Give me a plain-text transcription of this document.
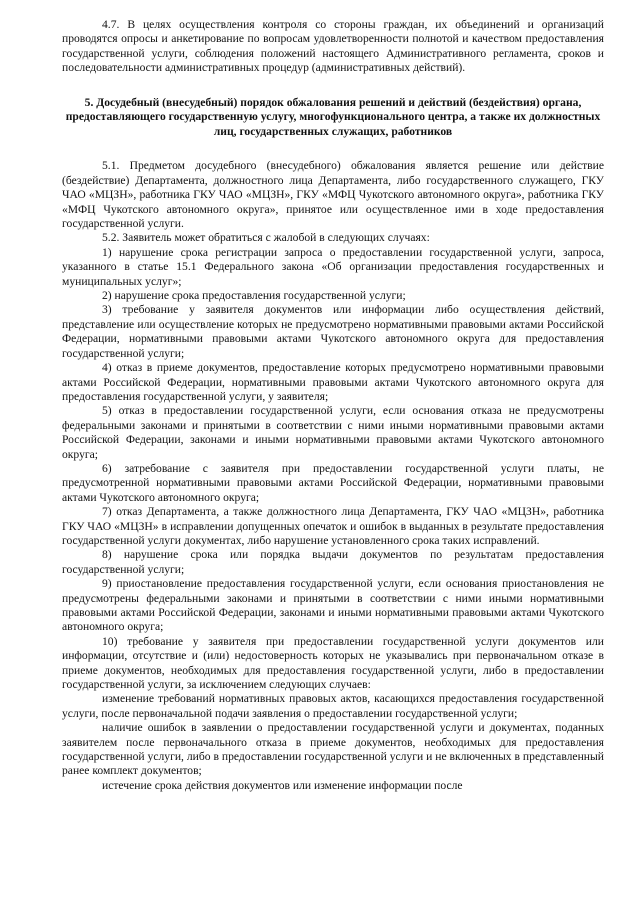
4.7. В целях осуществления контроля со стороны граждан, их объединений и организаций проводятся опросы и анкетирование по вопросам удовлетворенности полнотой и качеством предоставления государственной услуги, соблюдения положений настоящего Административного регламента, сроков и последовательности административных процедур (административных действий).

5. Досудебный (внесудебный) порядок обжалования решений и действий (бездействия) органа, предоставляющего государственную услугу, многофункционального центра, а также их должностных лиц, государственных служащих, работников

5.1. Предметом досудебного (внесудебного) обжалования является решение или действие (бездействие) Департамента, должностного лица Департамента, либо государственного служащего, ГКУ ЧАО «МЦЗН», работника ГКУ ЧАО «МЦЗН», ГКУ «МФЦ Чукотского автономного округа», работника ГКУ «МФЦ Чукотского автономного округа», принятое или осуществленное ими в ходе предоставления государственной услуги.

5.2. Заявитель может обратиться с жалобой в следующих случаях:

1) нарушение срока регистрации запроса о предоставлении государственной услуги, запроса, указанного в статье 15.1 Федерального закона «Об организации предоставления государственных и муниципальных услуг»;

2) нарушение срока предоставления государственной услуги;

3) требование у заявителя документов или информации либо осуществления действий, представление или осуществление которых не предусмотрено нормативными правовыми актами Российской Федерации, нормативными правовыми актами Чукотского автономного округа для предоставления государственной услуги;

4) отказ в приеме документов, предоставление которых предусмотрено нормативными правовыми актами Российской Федерации, нормативными правовыми актами Чукотского автономного округа для предоставления государственной услуги, у заявителя;

5) отказ в предоставлении государственной услуги, если основания отказа не предусмотрены федеральными законами и принятыми в соответствии с ними иными нормативными правовыми актами Российской Федерации, законами и иными нормативными правовыми актами Чукотского автономного округа;

6) затребование с заявителя при предоставлении государственной услуги платы, не предусмотренной нормативными правовыми актами Российской Федерации, нормативными правовыми актами Чукотского автономного округа;

7) отказ Департамента, а также должностного лица Департамента, ГКУ ЧАО «МЦЗН», работника ГКУ ЧАО «МЦЗН» в исправлении допущенных опечаток и ошибок в выданных в результате предоставления государственной услуги документах, либо нарушение установленного срока таких исправлений.

8) нарушение срока или порядка выдачи документов по результатам предоставления государственной услуги;

9) приостановление предоставления государственной услуги, если основания приостановления не предусмотрены федеральными законами и принятыми в соответствии с ними иными нормативными правовыми актами Российской Федерации, законами и иными нормативными правовыми актами Чукотского автономного округа;

10) требование у заявителя при предоставлении государственной услуги документов или информации, отсутствие и (или) недостоверность которых не указывались при первоначальном отказе в приеме документов, необходимых для предоставления государственной услуги, либо в предоставлении государственной услуги, за исключением следующих случаев:

изменение требований нормативных правовых актов, касающихся предоставления государственной услуги, после первоначальной подачи заявления о предоставлении государственной услуги;

наличие ошибок в заявлении о предоставлении государственной услуги и документах, поданных заявителем после первоначального отказа в приеме документов, необходимых для предоставления государственной услуги, либо в предоставлении государственной услуги и не включенных в представленный ранее комплект документов;

истечение срока действия документов или изменение информации после
